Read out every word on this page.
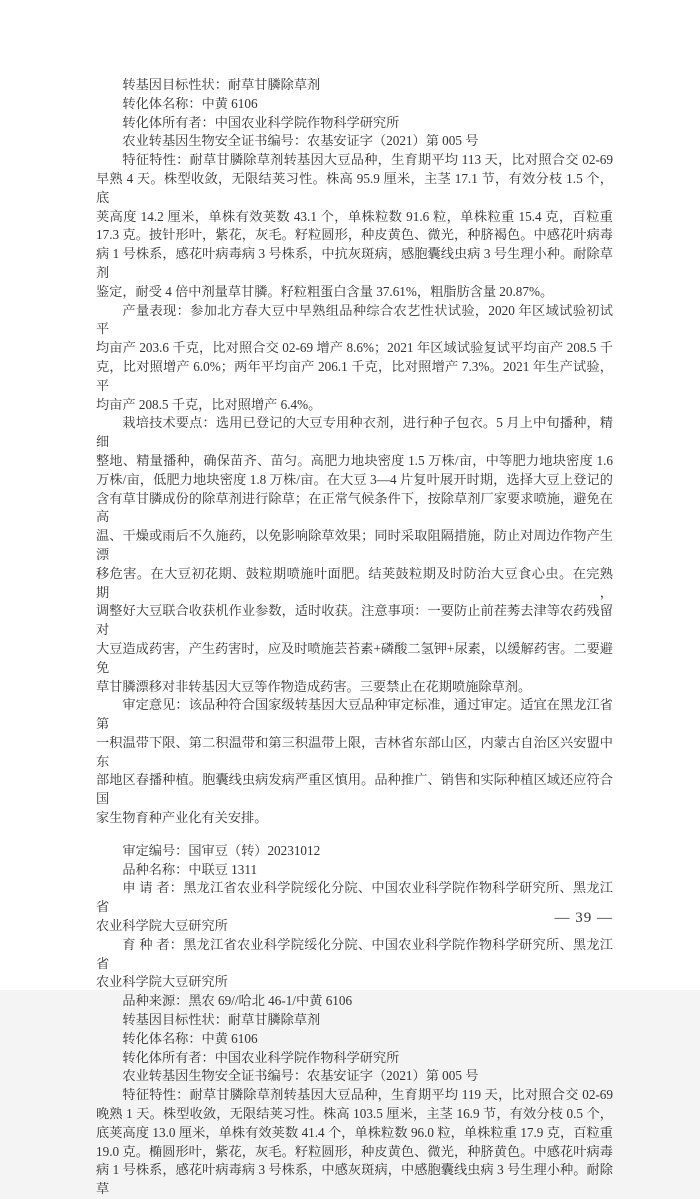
转基因目标性状：耐草甘膦除草剂
转化体名称：中黄 6106
转化体所有者：中国农业科学院作物科学研究所
农业转基因生物安全证书编号：农基安证字（2021）第 005 号
特征特性：耐草甘膦除草剂转基因大豆品种，生育期平均 113 天，比对照合交 02-69
早熟 4 天。株型收敛，无限结荚习性。株高 95.9 厘米，主茎 17.1 节，有效分枝 1.5 个，底
荚高度 14.2 厘米，单株有效荚数 43.1 个，单株粒数 91.6 粒，单株粒重 15.4 克，百粒重
17.3 克。披针形叶，紫花，灰毛。籽粒圆形，种皮黄色、微光，种脐褐色。中感花叶病毒
病 1 号株系，感花叶病毒病 3 号株系，中抗灰斑病，感胞囊线虫病 3 号生理小种。耐除草剂
鉴定，耐受 4 倍中剂量草甘膦。籽粒粗蛋白含量 37.61%，粗脂肪含量 20.87%。
产量表现：参加北方春大豆中早熟组品种综合农艺性状试验，2020 年区域试验初试平
均亩产 203.6 千克，比对照合交 02-69 增产 8.6%；2021 年区域试验复试平均亩产 208.5 千
克，比对照增产 6.0%；两年平均亩产 206.1 千克，比对照增产 7.3%。2021 年生产试验，平
均亩产 208.5 千克，比对照增产 6.4%。
栽培技术要点：选用已登记的大豆专用种衣剂，进行种子包衣。5 月上中旬播种，精细
整地、精量播种，确保苗齐、苗匀。高肥力地块密度 1.5 万株/亩，中等肥力地块密度 1.6
万株/亩，低肥力地块密度 1.8 万株/亩。在大豆 3—4 片复叶展开时期，选择大豆上登记的
含有草甘膦成份的除草剂进行除草；在正常气候条件下，按除草剂厂家要求喷施，避免在高
温、干燥或雨后不久施药，以免影响除草效果；同时采取阻隔措施，防止对周边作物产生漂
移危害。在大豆初花期、鼓粒期喷施叶面肥。结荚鼓粒期及时防治大豆食心虫。在完熟期，
调整好大豆联合收获机作业参数，适时收获。注意事项：一要防止前茬莠去津等农药残留对
大豆造成药害，产生药害时，应及时喷施芸苔素+磷酸二氢钾+尿素，以缓解药害。二要避免
草甘膦漂移对非转基因大豆等作物造成药害。三要禁止在花期喷施除草剂。
审定意见：该品种符合国家级转基因大豆品种审定标准，通过审定。适宜在黑龙江省第
一积温带下限、第二积温带和第三积温带上限，吉林省东部山区，内蒙古自治区兴安盟中东
部地区春播种植。胞囊线虫病发病严重区慎用。品种推广、销售和实际种植区域还应符合国
家生物育种产业化有关安排。
审定编号：国审豆（转）20231012
品种名称：中联豆 1311
申 请 者：黑龙江省农业科学院绥化分院、中国农业科学院作物科学研究所、黑龙江省
农业科学院大豆研究所
育 种 者：黑龙江省农业科学院绥化分院、中国农业科学院作物科学研究所、黑龙江省
农业科学院大豆研究所
品种来源：黑农 69//哈北 46-1/中黄 6106
转基因目标性状：耐草甘膦除草剂
转化体名称：中黄 6106
转化体所有者：中国农业科学院作物科学研究所
农业转基因生物安全证书编号：农基安证字（2021）第 005 号
特征特性：耐草甘膦除草剂转基因大豆品种，生育期平均 119 天，比对照合交 02-69
晚熟 1 天。株型收敛，无限结荚习性。株高 103.5 厘米，主茎 16.9 节，有效分枝 0.5 个，
底荚高度 13.0 厘米，单株有效荚数 41.4 个，单株粒数 96.0 粒，单株粒重 17.9 克，百粒重
19.0 克。椭圆形叶，紫花，灰毛。籽粒圆形，种皮黄色、微光，种脐黄色。中感花叶病毒
病 1 号株系，感花叶病毒病 3 号株系，中感灰斑病，中感胞囊线虫病 3 号生理小种。耐除草
— 39 —
